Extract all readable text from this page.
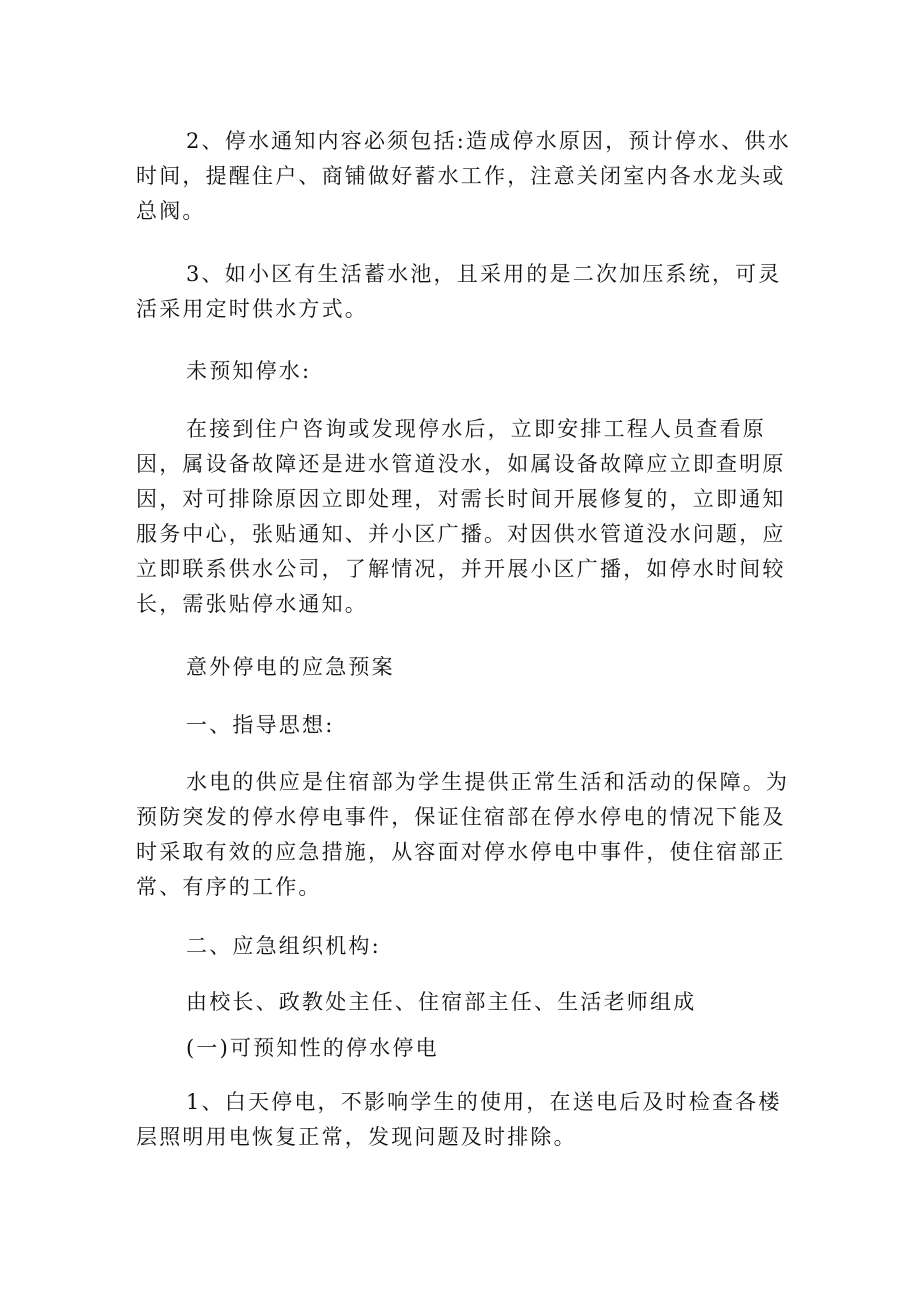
2、停水通知内容必须包括:造成停水原因，预计停水、供水时间，提醒住户、商铺做好蓄水工作，注意关闭室内各水龙头或总阀。

3、如小区有生活蓄水池，且采用的是二次加压系统，可灵活采用定时供水方式。

未预知停水:

在接到住户咨询或发现停水后，立即安排工程人员查看原因，属设备故障还是进水管道没水，如属设备故障应立即查明原因，对可排除原因立即处理，对需长时间开展修复的，立即通知服务中心，张贴通知、并小区广播。对因供水管道没水问题，应立即联系供水公司，了解情况，并开展小区广播，如停水时间较长，需张贴停水通知。

意外停电的应急预案

一、指导思想:

水电的供应是住宿部为学生提供正常生活和活动的保障。为预防突发的停水停电事件，保证住宿部在停水停电的情况下能及时采取有效的应急措施，从容面对停水停电中事件，使住宿部正常、有序的工作。

二、应急组织机构:

由校长、政教处主任、住宿部主任、生活老师组成

(一)可预知性的停水停电

1、白天停电，不影响学生的使用，在送电后及时检查各楼层照明用电恢复正常，发现问题及时排除。
